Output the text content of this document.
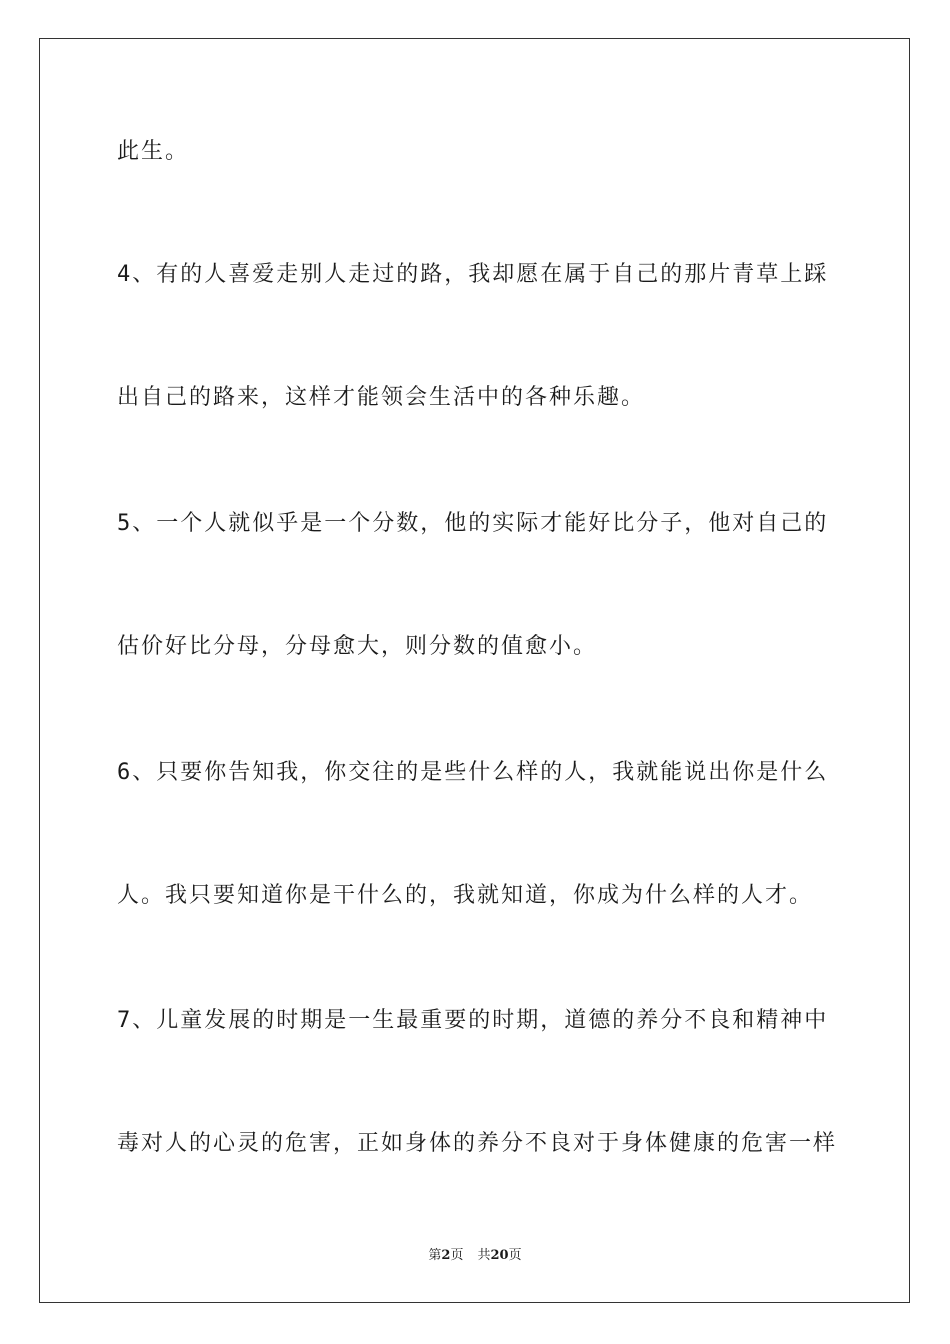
此生。

4、有的人喜爱走别人走过的路，我却愿在属于自己的那片青草上踩

出自己的路来，这样才能领会生活中的各种乐趣。

5、一个人就似乎是一个分数，他的实际才能好比分子，他对自己的

估价好比分母，分母愈大，则分数的值愈小。

6、只要你告知我，你交往的是些什么样的人，我就能说出你是什么

人。我只要知道你是干什么的，我就知道，你成为什么样的人才。

7、儿童发展的时期是一生最重要的时期，道德的养分不良和精神中

毒对人的心灵的危害，正如身体的养分不良对于身体健康的危害一样

第2页 共20页
